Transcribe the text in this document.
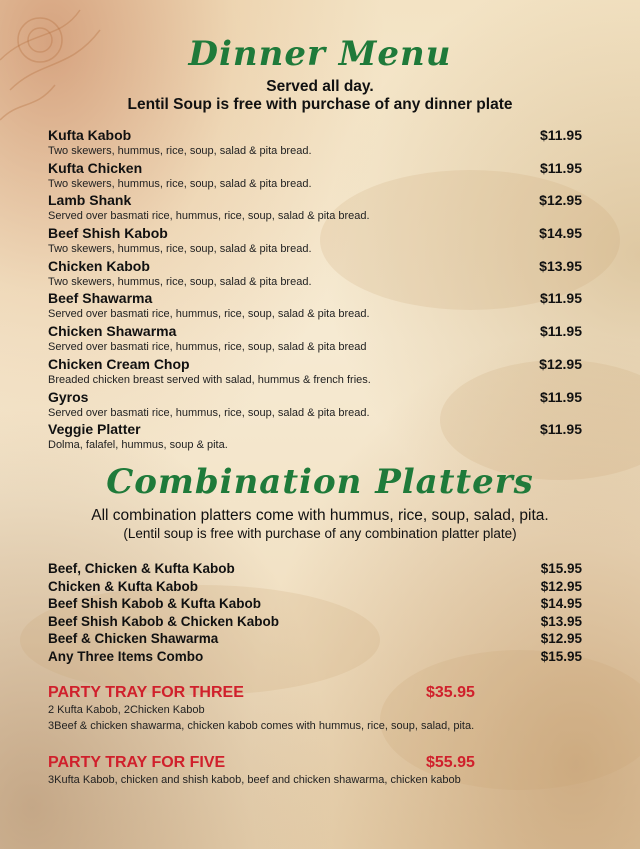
Dinner Menu
Served all day.
Lentil Soup is free with purchase of any dinner plate
Kufta Kabob	$11.95
Two skewers, hummus, rice, soup, salad & pita bread.
Kufta Chicken	$11.95
Two skewers, hummus, rice, soup, salad & pita bread.
Lamb Shank	$12.95
Served over basmati rice, hummus, rice, soup, salad & pita bread.
Beef Shish Kabob	$14.95
Two skewers, hummus, rice, soup, salad & pita bread.
Chicken Kabob	$13.95
Two skewers, hummus, rice, soup, salad & pita bread.
Beef Shawarma	$11.95
Served over basmati rice, hummus, rice, soup, salad & pita bread.
Chicken Shawarma	$11.95
Served over basmati rice, hummus, rice, soup, salad & pita bread
Chicken Cream Chop	$12.95
Breaded chicken breast served with salad, hummus & french fries.
Gyros	$11.95
Served over basmati rice, hummus, rice, soup, salad & pita bread.
Veggie Platter	$11.95
Dolma, falafel, hummus, soup & pita.
Combination Platters
All combination platters come with hummus, rice, soup, salad, pita.
(Lentil soup is free with purchase of any combination platter plate)
Beef, Chicken & Kufta Kabob	$15.95
Chicken & Kufta Kabob	$12.95
Beef Shish Kabob & Kufta Kabob	$14.95
Beef Shish Kabob & Chicken Kabob	$13.95
Beef & Chicken Shawarma	$12.95
Any Three Items Combo	$15.95
PARTY TRAY FOR THREE	$35.95
2 Kufta Kabob, 2Chicken Kabob
3Beef & chicken shawarma, chicken kabob comes with hummus, rice, soup, salad, pita.
PARTY TRAY FOR FIVE	$55.95
3Kufta Kabob, chicken and shish kabob, beef and chicken shawarma, chicken kabob
